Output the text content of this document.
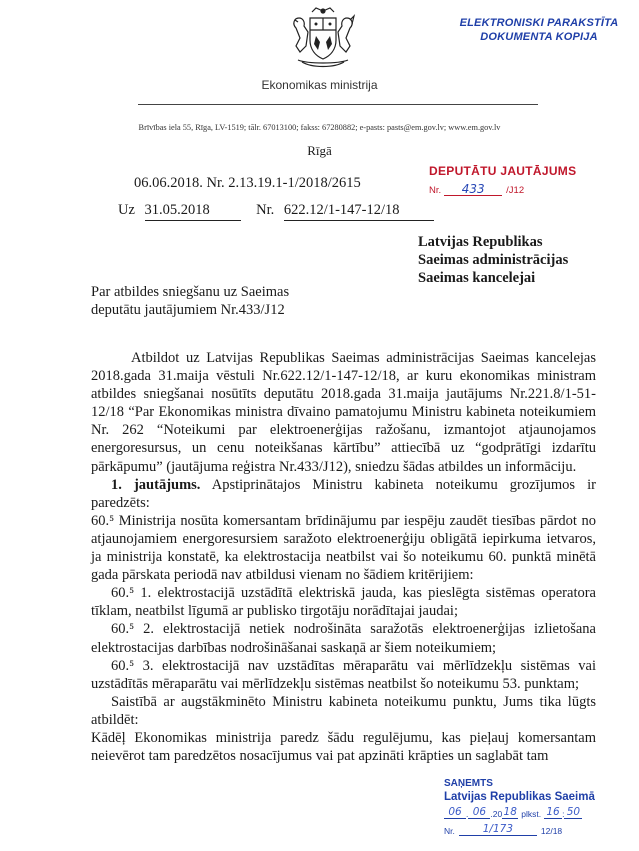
Ekonomikas ministrija
Brīvības iela 55, Rīga, LV-1519; tālr. 67013100; fakss: 67280882; e-pasts: pasts@em.gov.lv; www.em.gov.lv
Rīgā
ELEKTRONISKI PARAKSTĪTA
DOKUMENTA KOPIJA
06.06.2018. Nr. 2.13.19.1-1/2018/2615
Uz 31.05.2018	Nr. 622.12/1-147-12/18
DEPUTĀTU JAUTĀJUMS
Nr.	433	/J12
Latvijas Republikas
Saeimas administrācijas
Saeimas kancelejai
Par atbildes sniegšanu uz Saeimas
deputātu jautājumiem Nr.433/J12

Atbildot uz Latvijas Republikas Saeimas administrācijas Saeimas kancelejas 2018.gada 31.maija vēstuli Nr.622.12/1-147-12/18, ar kuru ekonomikas ministram atbildes sniegšanai nosūtīts deputātu 2018.gada 31.maija jautājums Nr.221.8/1-51-12/18 “Par Ekonomikas ministra dīvaino pamatojumu Ministru kabineta noteikumiem Nr. 262 “Noteikumi par elektroenerģijas ražošanu, izmantojot atjaunojamos energoresursus, un cenu noteikšanas kārtību” attiecībā uz “godprātīgi izdarītu pārkāpumu” (jautājuma reģistra Nr.433/J12), sniedzu šādas atbildes un informāciju.

1. jautājums. Apstiprinātajos Ministru kabineta noteikumu grozījumos ir paredzēts:

60.⁵ Ministrija nosūta komersantam brīdinājumu par iespēju zaudēt tiesības pārdot no atjaunojamiem energoresursiem saražoto elektroenerģiju obligātā iepirkuma ietvaros, ja ministrija konstatē, ka elektrostacija neatbilst vai šo noteikumu 60. punktā minētā gada pārskata periodā nav atbildusi vienam no šādiem kritērijiem:

60.⁵ 1. elektrostacijā uzstādītā elektriskā jauda, kas pieslēgta sistēmas operatora tīklam, neatbilst līgumā ar publisko tirgotāju norādītajai jaudai;

60.⁵ 2. elektrostacijā netiek nodrošināta saražotās elektroenerģijas izlietošana elektrostacijas darbības nodrošināšanai saskaņā ar šiem noteikumiem;

60.⁵ 3. elektrostacijā nav uzstādītas mēraparātu vai mērlīdzekļu sistēmas vai uzstādītās mēraparātu vai mērlīdzekļu sistēmas neatbilst šo noteikumu 53. punktam;

Saistībā ar augstākminēto Ministru kabineta noteikumu punktu, Jums tika lūgts atbildēt:

Kādēļ Ekonomikas ministrija paredz šādu regulējumu, kas pieļauj komersantam neievērot tam paredzētos nosacījumus vai pat apzināti krāpties un saglabāt tam

SAŅEMTS
Latvijas Republikas Saeimā
06 . 06 . 20 18 plkst. 16 : 50
Nr.	1/173	12/18
